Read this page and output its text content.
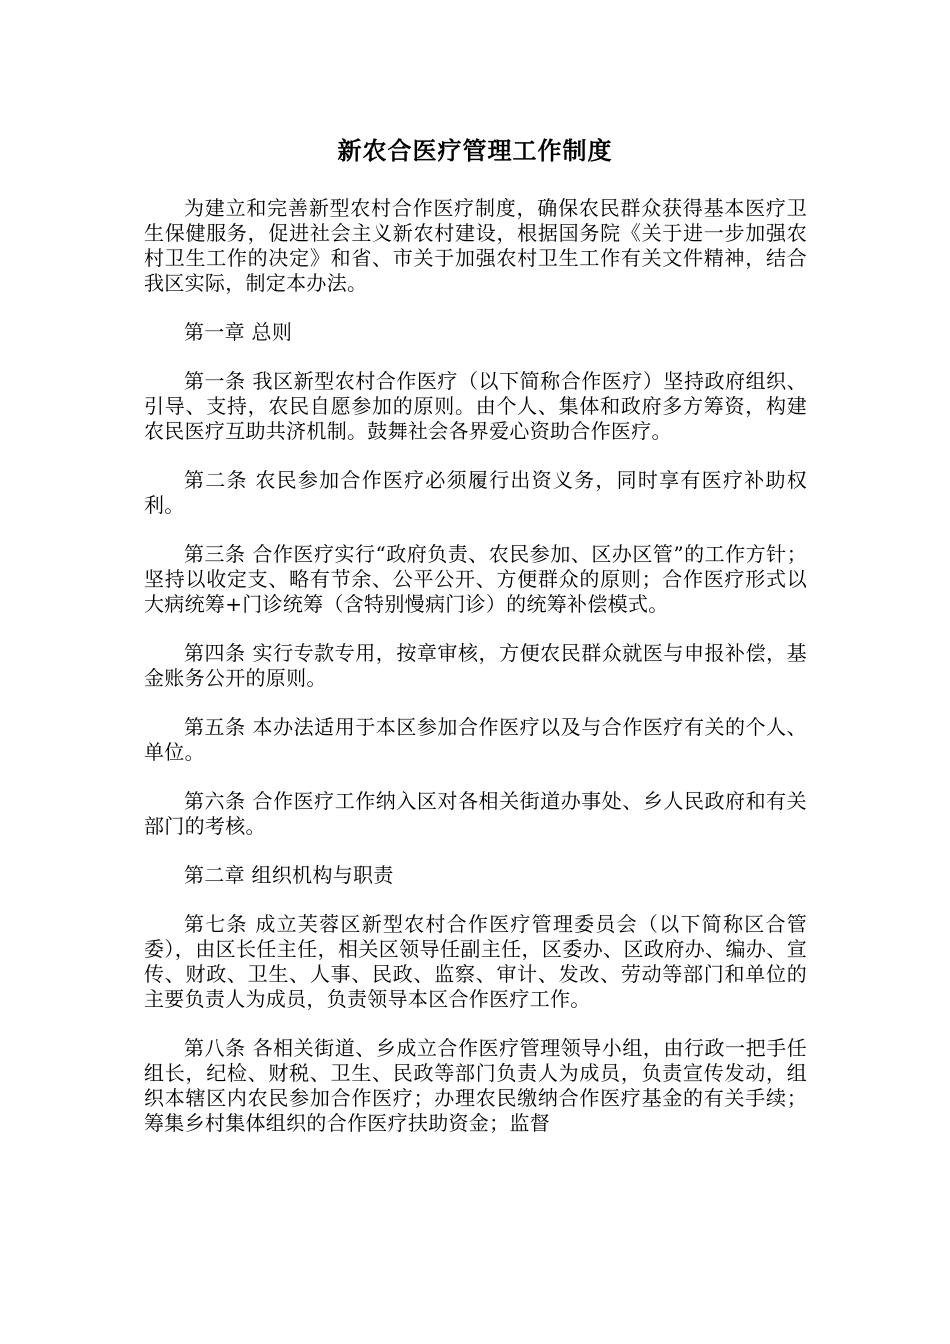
新农合医疗管理工作制度

为建立和完善新型农村合作医疗制度，确保农民群众获得基本医疗卫生保健服务，促进社会主义新农村建设，根据国务院《关于进一步加强农村卫生工作的决定》和省、市关于加强农村卫生工作有关文件精神，结合我区实际，制定本办法。

第一章 总则

第一条 我区新型农村合作医疗（以下简称合作医疗）坚持政府组织、引导、支持，农民自愿参加的原则。由个人、集体和政府多方筹资，构建农民医疗互助共济机制。鼓舞社会各界爱心资助合作医疗。

第二条 农民参加合作医疗必须履行出资义务，同时享有医疗补助权利。

第三条 合作医疗实行“政府负责、农民参加、区办区管”的工作方针；坚持以收定支、略有节余、公平公开、方便群众的原则；合作医疗形式以大病统筹+门诊统筹（含特别慢病门诊）的统筹补偿模式。

第四条 实行专款专用，按章审核，方便农民群众就医与申报补偿，基金账务公开的原则。

第五条 本办法适用于本区参加合作医疗以及与合作医疗有关的个人、单位。

第六条 合作医疗工作纳入区对各相关街道办事处、乡人民政府和有关部门的考核。

第二章 组织机构与职责

第七条 成立芙蓉区新型农村合作医疗管理委员会（以下简称区合管委），由区长任主任，相关区领导任副主任，区委办、区政府办、编办、宣传、财政、卫生、人事、民政、监察、审计、发改、劳动等部门和单位的主要负责人为成员，负责领导本区合作医疗工作。

第八条 各相关街道、乡成立合作医疗管理领导小组，由行政一把手任组长，纪检、财税、卫生、民政等部门负责人为成员，负责宣传发动，组织本辖区内农民参加合作医疗；办理农民缴纳合作医疗基金的有关手续；筹集乡村集体组织的合作医疗扶助资金；监督
